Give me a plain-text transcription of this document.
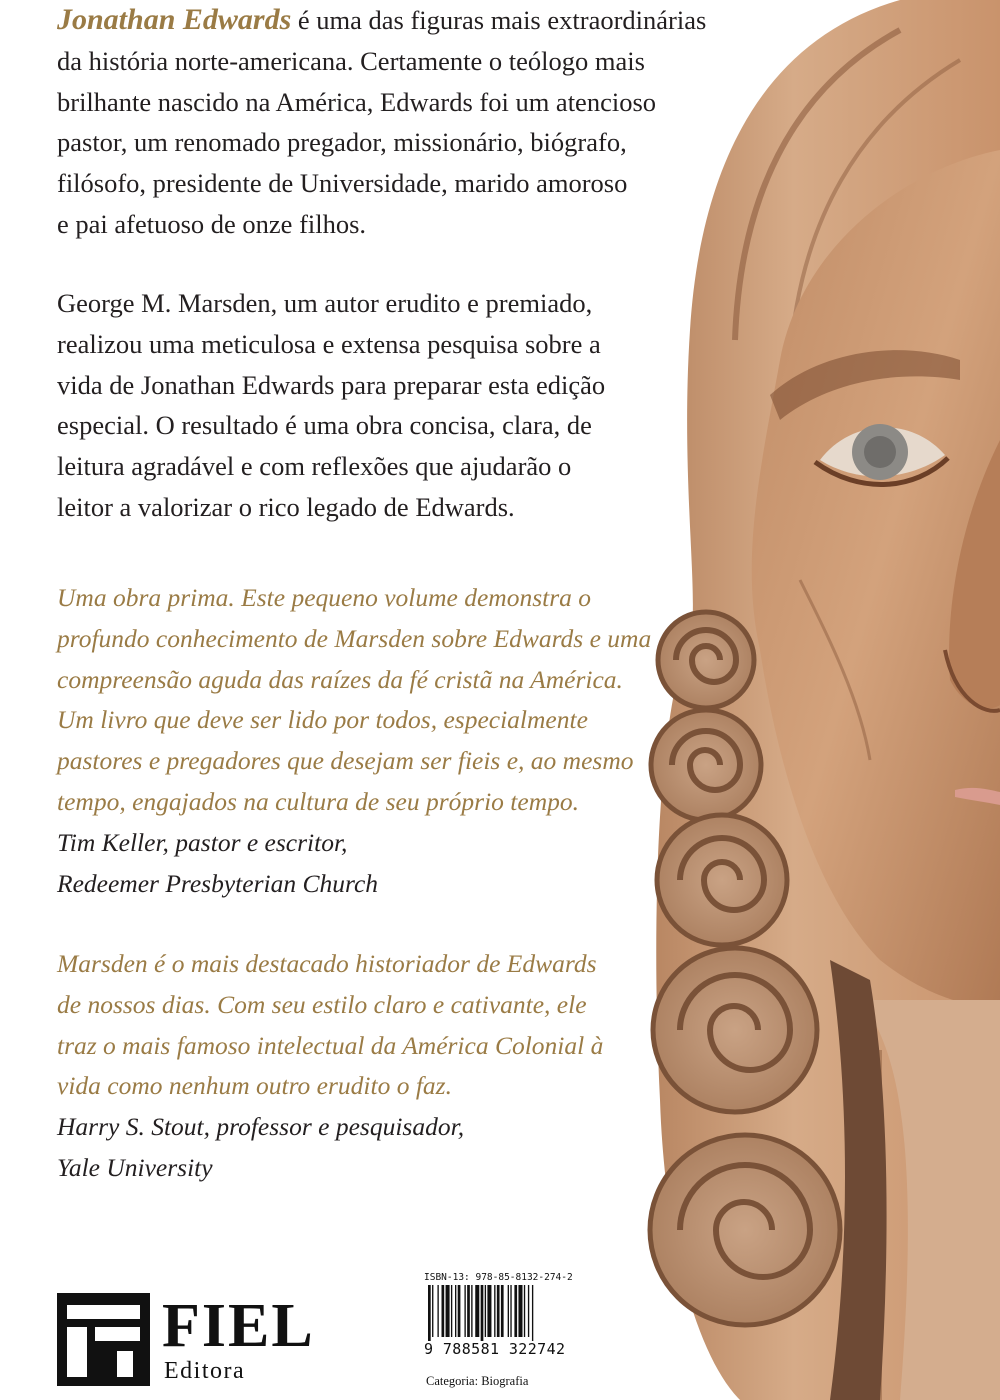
Jonathan Edwards é uma das figuras mais extraordinárias
da história norte-americana. Certamente o teólogo mais
brilhante nascido na América, Edwards foi um atencioso
pastor, um renomado pregador, missionário, biógrafo,
filósofo, presidente de Universidade, marido amoroso
e pai afetuoso de onze filhos.

George M. Marsden, um autor erudito e premiado,
realizou uma meticulosa e extensa pesquisa sobre a
vida de Jonathan Edwards para preparar esta edição
especial. O resultado é uma obra concisa, clara, de
leitura agradável e com reflexões que ajudarão o
leitor a valorizar o rico legado de Edwards.

Uma obra prima. Este pequeno volume demonstra o
profundo conhecimento de Marsden sobre Edwards e uma
compreensão aguda das raízes da fé cristã na América.
Um livro que deve ser lido por todos, especialmente
pastores e pregadores que desejam ser fieis e, ao mesmo
tempo, engajados na cultura de seu próprio tempo.
Tim Keller, pastor e escritor,
Redeemer Presbyterian Church

Marsden é o mais destacado historiador de Edwards
de nossos dias. Com seu estilo claro e cativante, ele
traz o mais famoso intelectual da América Colonial à
vida como nenhum outro erudito o faz.
Harry S. Stout, professor e pesquisador,
Yale University

FIEL
Editora
ISBN-13: 978-85-8132-274-2
9 788581 322742
Categoria: Biografia
